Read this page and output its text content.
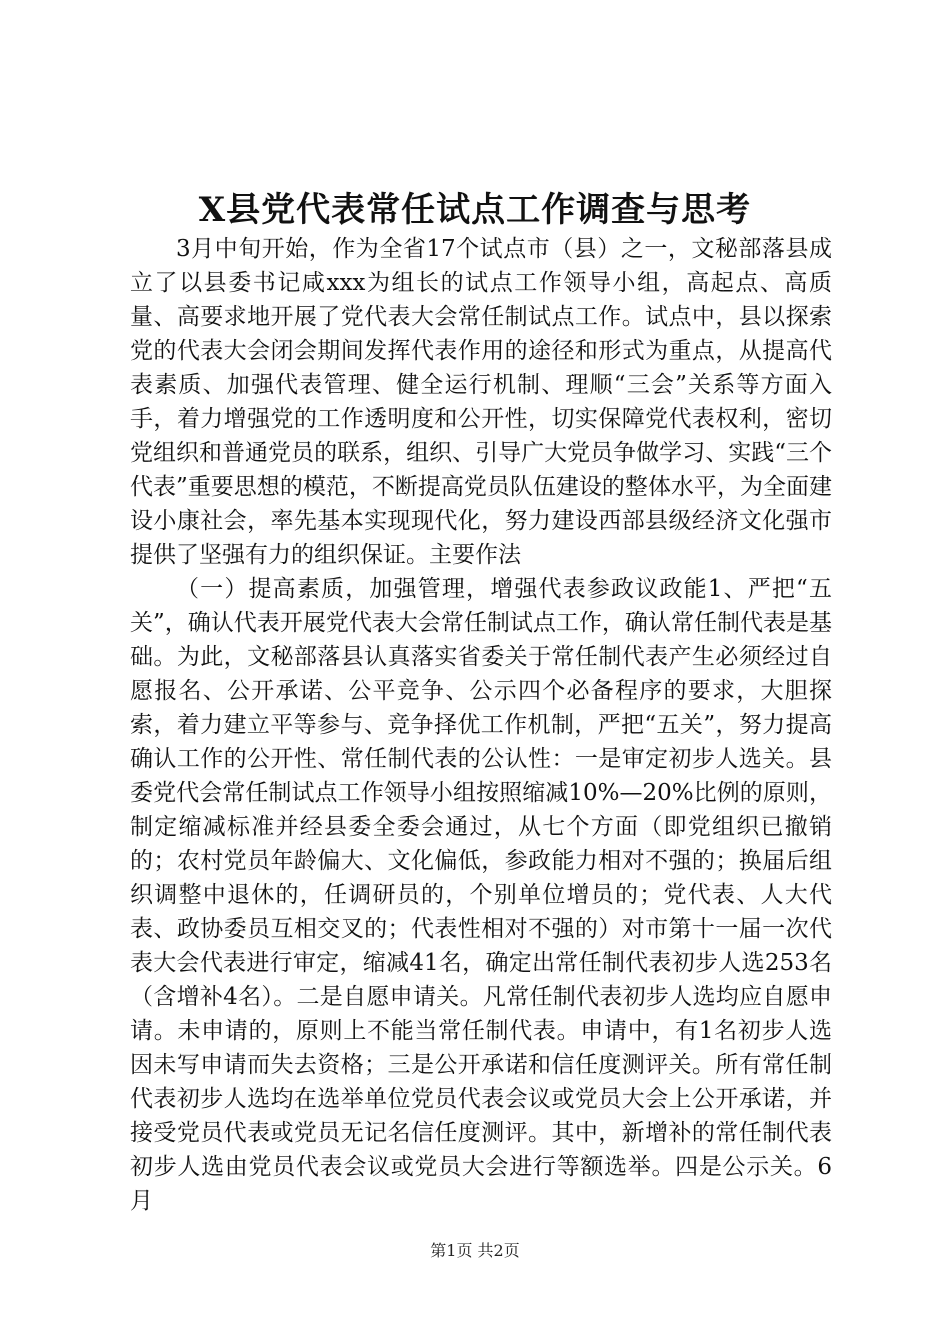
X县党代表常任试点工作调查与思考

3月中旬开始，作为全省17个试点市（县）之一，文秘部落县成立了以县委书记咸xxx为组长的试点工作领导小组，高起点、高质量、高要求地开展了党代表大会常任制试点工作。试点中，县以探索党的代表大会闭会期间发挥代表作用的途径和形式为重点，从提高代表素质、加强代表管理、健全运行机制、理顺“三会”关系等方面入手，着力增强党的工作透明度和公开性，切实保障党代表权利，密切党组织和普通党员的联系，组织、引导广大党员争做学习、实践“三个代表”重要思想的模范，不断提高党员队伍建设的整体水平，为全面建设小康社会，率先基本实现现代化，努力建设西部县级经济文化强市提供了坚强有力的组织保证。主要作法

（一）提高素质，加强管理，增强代表参政议政能1、严把“五关”，确认代表开展党代表大会常任制试点工作，确认常任制代表是基础。为此，文秘部落县认真落实省委关于常任制代表产生必须经过自愿报名、公开承诺、公平竞争、公示四个必备程序的要求，大胆探索，着力建立平等参与、竞争择优工作机制，严把“五关”，努力提高确认工作的公开性、常任制代表的公认性：一是审定初步人选关。县委党代会常任制试点工作领导小组按照缩减10%—20%比例的原则，制定缩减标准并经县委全委会通过，从七个方面（即党组织已撤销的；农村党员年龄偏大、文化偏低，参政能力相对不强的；换届后组织调整中退休的，任调研员的，个别单位增员的；党代表、人大代表、政协委员互相交叉的；代表性相对不强的）对市第十一届一次代表大会代表进行审定，缩减41名，确定出常任制代表初步人选253名（含增补4名）。二是自愿申请关。凡常任制代表初步人选均应自愿申请。未申请的，原则上不能当常任制代表。申请中，有1名初步人选因未写申请而失去资格；三是公开承诺和信任度测评关。所有常任制代表初步人选均在选举单位党员代表会议或党员大会上公开承诺，并接受党员代表或党员无记名信任度测评。其中，新增补的常任制代表初步人选由党员代表会议或党员大会进行等额选举。四是公示关。6月

第1页 共2页
